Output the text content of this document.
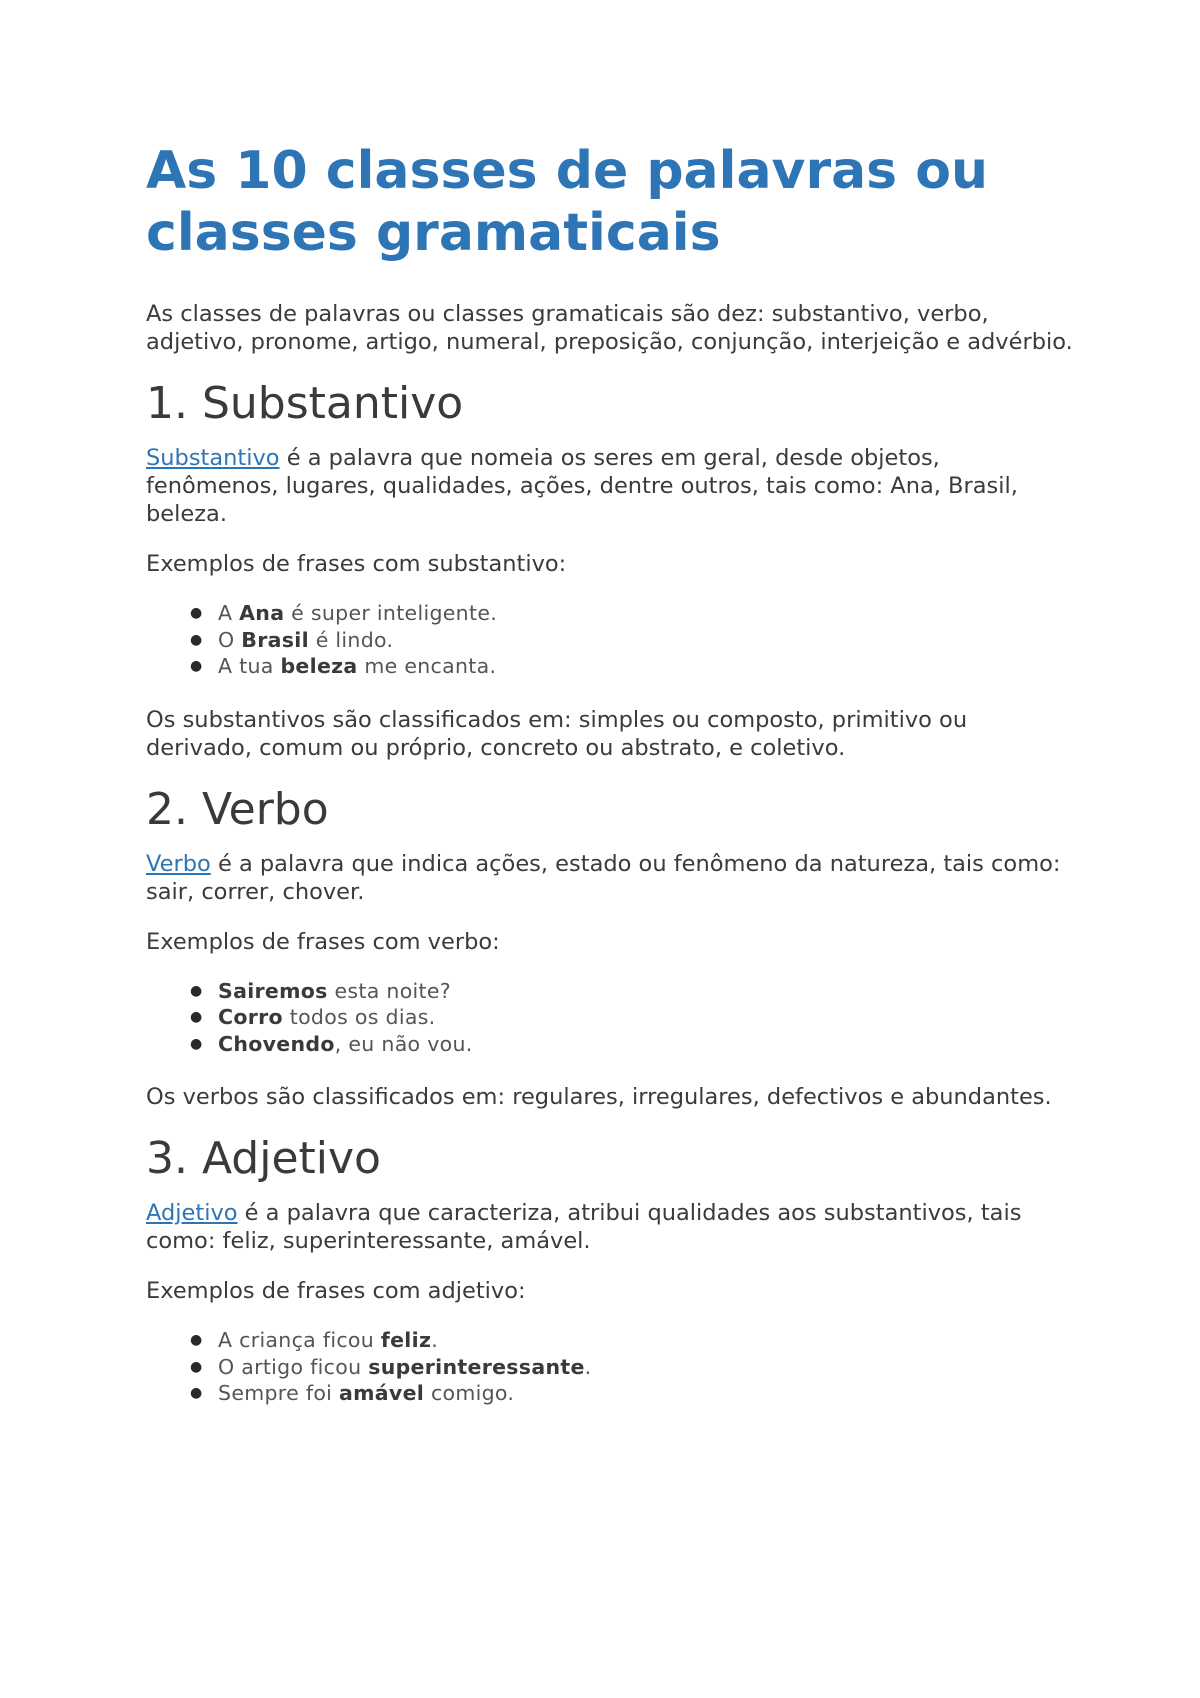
As 10 classes de palavras ou classes gramaticais

As classes de palavras ou classes gramaticais são dez: substantivo, verbo, adjetivo, pronome, artigo, numeral, preposição, conjunção, interjeição e advérbio.

1. Substantivo

Substantivo é a palavra que nomeia os seres em geral, desde objetos, fenômenos, lugares, qualidades, ações, dentre outros, tais como: Ana, Brasil, beleza.

Exemplos de frases com substantivo:

● A Ana é super inteligente.
● O Brasil é lindo.
● A tua beleza me encanta.

Os substantivos são classificados em: simples ou composto, primitivo ou derivado, comum ou próprio, concreto ou abstrato, e coletivo.

2. Verbo

Verbo é a palavra que indica ações, estado ou fenômeno da natureza, tais como: sair, correr, chover.

Exemplos de frases com verbo:

● Sairemos esta noite?
● Corro todos os dias.
● Chovendo, eu não vou.

Os verbos são classificados em: regulares, irregulares, defectivos e abundantes.

3. Adjetivo

Adjetivo é a palavra que caracteriza, atribui qualidades aos substantivos, tais como: feliz, superinteressante, amável.

Exemplos de frases com adjetivo:

● A criança ficou feliz.
● O artigo ficou superinteressante.
● Sempre foi amável comigo.
